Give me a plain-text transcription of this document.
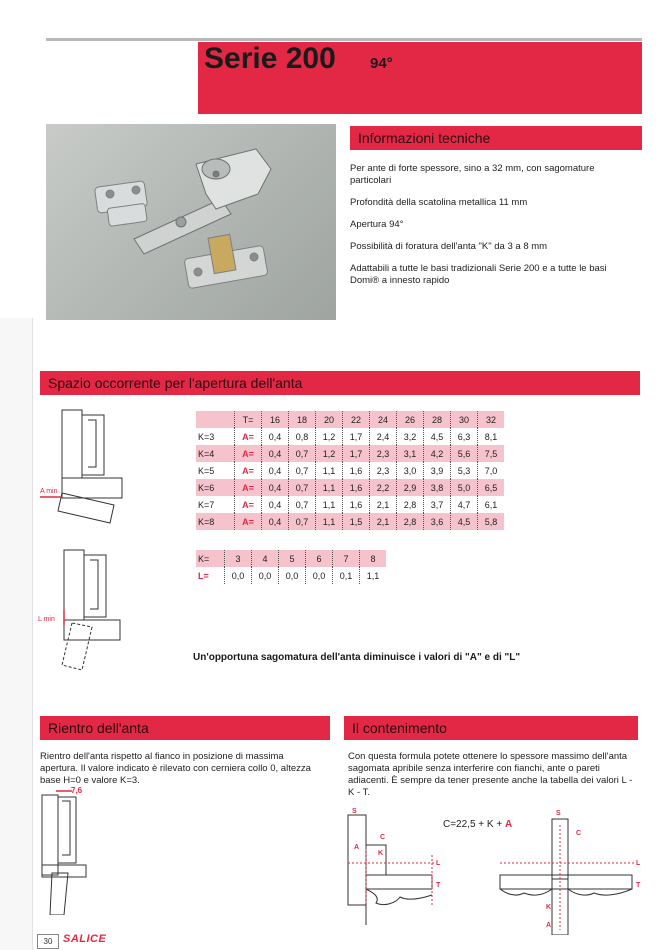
Serie 200 94°
Informazioni tecniche

Per ante di forte spessore, sino a 32 mm, con sagomature particolari

Profondità della scatolina metallica 11 mm

Apertura 94°

Possibilità di foratura dell'anta "K" da 3 a 8 mm

Adattabili a tutte le basi tradizionali Serie 200 e a tutte le basi Domi® a innesto rapido

Spazio occorrente per l'apertura dell'anta
A min
L min
	T=	16	18	20	22	24	26	28	30	32
K=3	A=	0,4	0,8	1,2	1,7	2,4	3,2	4,5	6,3	8,1
K=4	A=	0,4	0,7	1,2	1,7	2,3	3,1	4,2	5,6	7,5
K=5	A=	0,4	0,7	1,1	1,6	2,3	3,0	3,9	5,3	7,0
K=6	A=	0,4	0,7	1,1	1,6	2,2	2,9	3,8	5,0	6,5
K=7	A=	0,4	0,7	1,1	1,6	2,1	2,8	3,7	4,7	6,1
K=8	A=	0,4	0,7	1,1	1,5	2,1	2,8	3,6	4,5	5,8
K=	3	4	5	6	7	8
L=	0,0	0,0	0,0	0,0	0,1	1,1
Un'opportuna sagomatura dell'anta diminuisce i valori di "A" e di "L"
Rientro dell'anta
Rientro dell'anta rispetto al fianco in posizione di massima apertura. Il valore indicato è rilevato con cerniera collo 0, altezza base H=0 e valore K=3.
7,6
Il contenimento
Con questa formula potete ottenere lo spessore massimo dell'anta sagomata apribile senza interferire con fianchi, ante o pareti adiacenti. È sempre da tener presente anche la tabella dei valori L - K - T.
C=22,5 + K + A
S
C
A
K
L
T
S
C
L
T
K
A
30 SALICE
